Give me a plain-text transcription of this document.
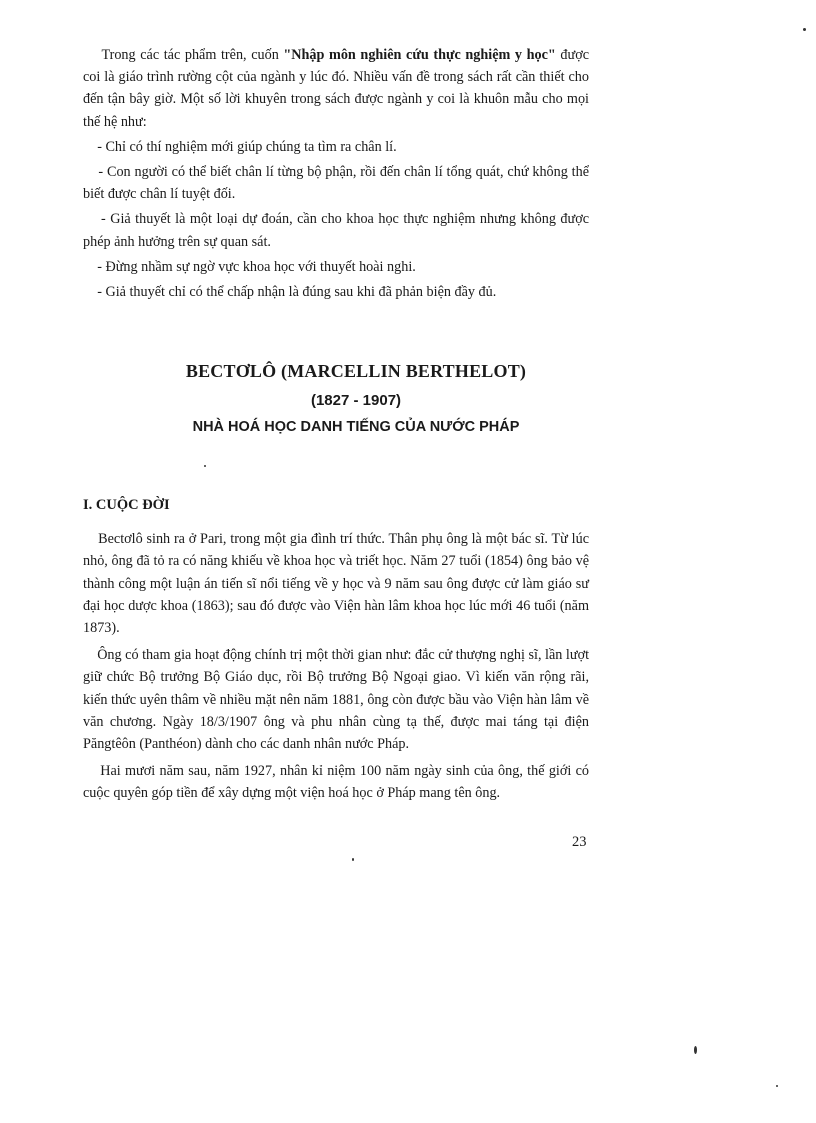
Trong các tác phẩm trên, cuốn "Nhập môn nghiên cứu thực nghiệm y học" được coi là giáo trình rường cột của ngành y lúc đó. Nhiều vấn đề trong sách rất cần thiết cho đến tận bây giờ. Một số lời khuyên trong sách được ngành y coi là khuôn mẫu cho mọi thế hệ như:

- Chỉ có thí nghiệm mới giúp chúng ta tìm ra chân lí.

- Con người có thể biết chân lí từng bộ phận, rồi đến chân lí tổng quát, chứ không thể biết được chân lí tuyệt đối.

- Giả thuyết là một loại dự đoán, cần cho khoa học thực nghiệm nhưng không được phép ảnh hưởng trên sự quan sát.

- Đừng nhầm sự ngờ vực khoa học với thuyết hoài nghi.

- Giả thuyết chỉ có thể chấp nhận là đúng sau khi đã phản biện đầy đủ.

BECTƠLÔ (MARCELLIN BERTHELOT)
(1827 - 1907)
NHÀ HOÁ HỌC DANH TIẾNG CỦA NƯỚC PHÁP
I. CUỘC ĐỜI

Bectơlô sinh ra ở Pari, trong một gia đình trí thức. Thân phụ ông là một bác sĩ. Từ lúc nhỏ, ông đã tỏ ra có năng khiếu về khoa học và triết học. Năm 27 tuổi (1854) ông bảo vệ thành công một luận án tiến sĩ nổi tiếng về y học và 9 năm sau ông được cử làm giáo sư đại học dược khoa (1863); sau đó được vào Viện hàn lâm khoa học lúc mới 46 tuổi (năm 1873).

Ông có tham gia hoạt động chính trị một thời gian như: đắc cử thượng nghị sĩ, lần lượt giữ chức Bộ trưởng Bộ Giáo dục, rồi Bộ trưởng Bộ Ngoại giao. Vì kiến văn rộng rãi, kiến thức uyên thâm về nhiều mặt nên năm 1881, ông còn được bầu vào Viện hàn lâm về văn chương. Ngày 18/3/1907 ông và phu nhân cùng tạ thế, được mai táng tại điện Păngtêôn (Panthéon) dành cho các danh nhân nước Pháp.

Hai mươi năm sau, năm 1927, nhân kỉ niệm 100 năm ngày sinh của ông, thế giới có cuộc quyên góp tiền để xây dựng một viện hoá học ở Pháp mang tên ông.

23
